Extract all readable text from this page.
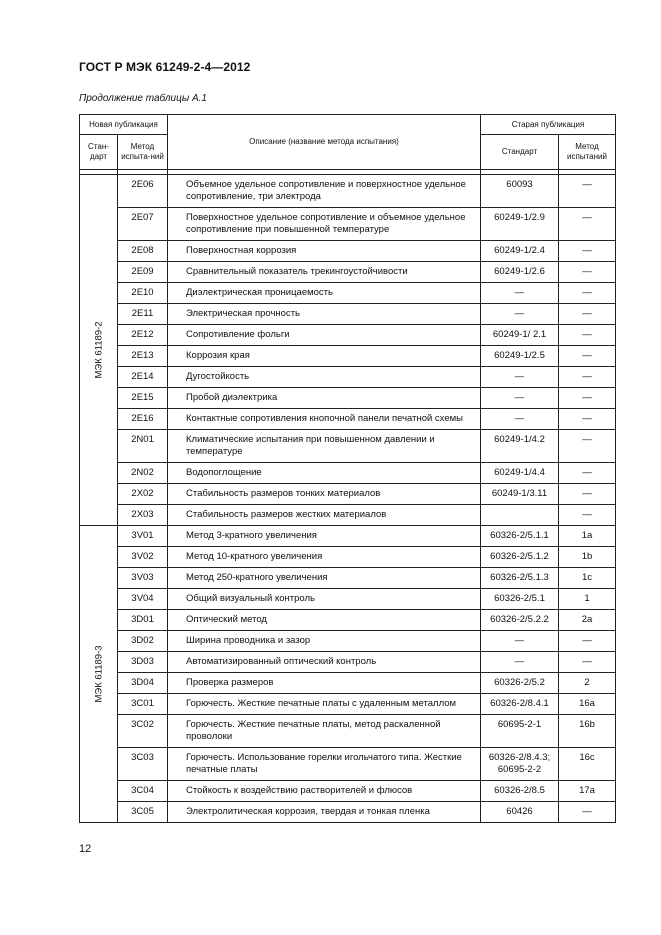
ГОСТ Р МЭК 61249-2-4—2012
Продолжение таблицы А.1
Новая публикация		Описание (название метода испытания)	Старая публикация	
Стан-дарт	Метод испыта-ний		Стандарт	Метод испытаний

МЭК 61189-2	2E06	Объемное удельное сопротивление и поверхностное удельное сопротивление, три электрода	60093	—
	2E07	Поверхностное удельное сопротивление и объемное удельное сопротивление при повышенной температуре	60249-1/2.9	—
	2E08	Поверхностная коррозия	60249-1/2.4	—
	2E09	Сравнительный показатель трекингоустойчивости	60249-1/2.6	—
	2E10	Диэлектрическая проницаемость	—	—
	2E11	Электрическая прочность	—	—
	2E12	Сопротивление фольги	60249-1/ 2.1	—
	2E13	Коррозия края	60249-1/2.5	—
	2E14	Дугостойкость	—	—
	2E15	Пробой диэлектрика	—	—
	2E16	Контактные сопротивления кнопочной панели печатной схемы	—	—
	2N01	Климатические испытания при повышенном давлении и температуре	60249-1/4.2	—
	2N02	Водопоглощение	60249-1/4.4	—
	2X02	Стабильность размеров тонких материалов	60249-1/3.11	—
	2X03	Стабильность размеров жестких материалов		—

МЭК 61189-3	3V01	Метод 3-кратного увеличения	60326-2/5.1.1	1a
	3V02	Метод 10-кратного увеличения	60326-2/5.1.2	1b
	3V03	Метод 250-кратного увеличения	60326-2/5.1.3	1c
	3V04	Общий визуальный контроль	60326-2/5.1	1
	3D01	Оптический метод	60326-2/5.2.2	2a
	3D02	Ширина проводника и зазор	—	—
	3D03	Автоматизированный оптический контроль	—	—
	3D04	Проверка размеров	60326-2/5.2	2
	3C01	Горючесть. Жесткие печатные платы с удаленным металлом	60326-2/8.4.1	16a
	3C02	Горючесть. Жесткие печатные платы, метод раскаленной проволоки	60695-2-1	16b
	3C03	Горючесть. Использование горелки игольчатого типа. Жесткие печатные платы	60326-2/8.4.3; 60695-2-2	16c
	3C04	Стойкость к воздействию растворителей и флюсов	60326-2/8.5	17a
	3C05	Электролитическая коррозия, твердая и тонкая пленка	60426	—
12
